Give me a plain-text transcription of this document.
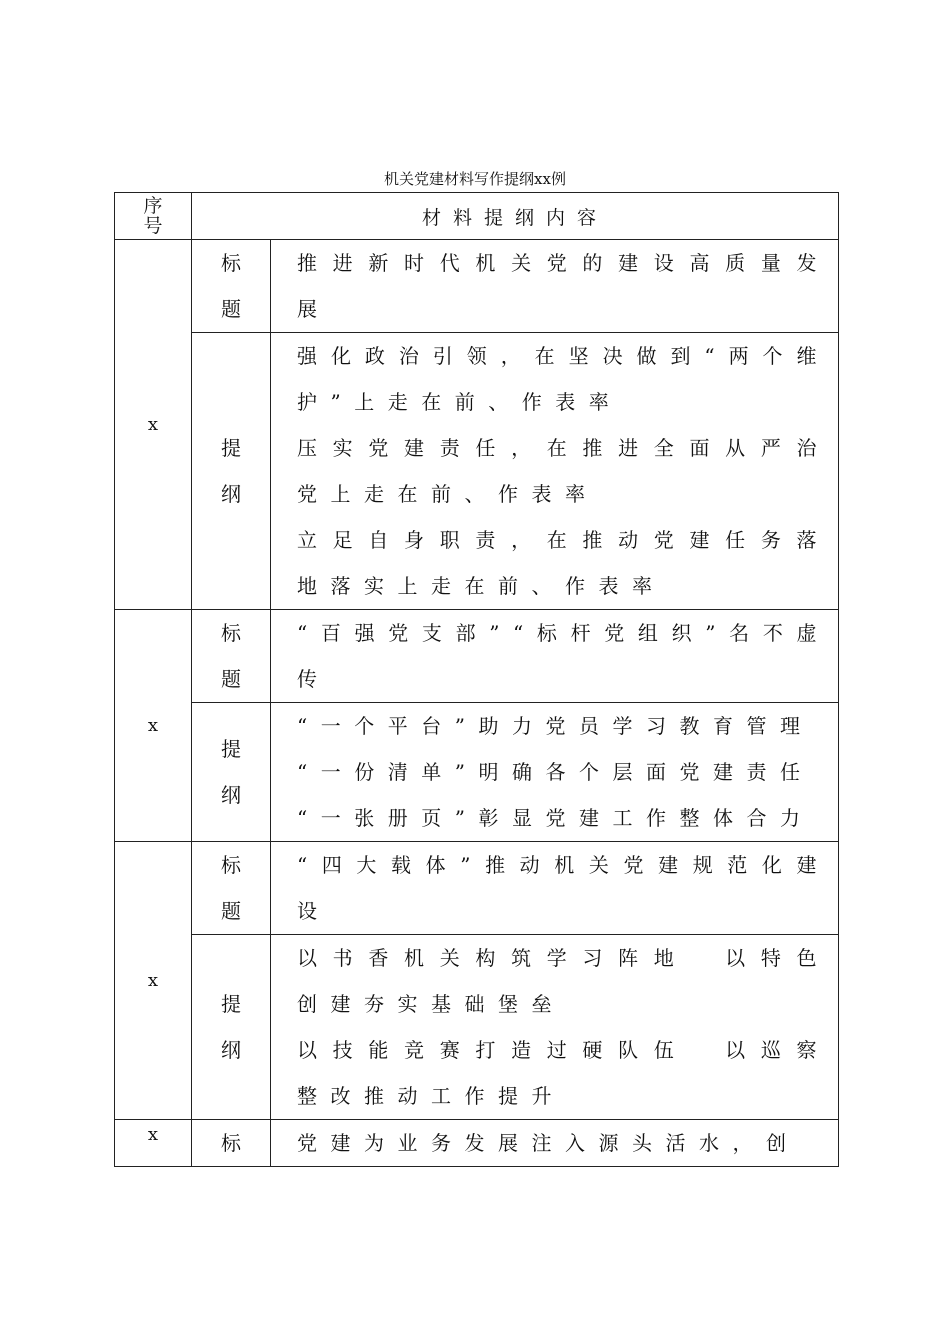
机关党建材料写作提纲xx例
序号	材料提纲内容	
x	标题	推进新时代机关党的建设高质量发展

	提纲	强化政治引领，在坚决做到“两个维护”上走在前、作表率

压实党建责任，在推进全面从严治党上走在前、作表率

立足自身职责，在推动党建任务落地落实上走在前、作表率

x	标题	“百强党支部”“标杆党组织”名不虚传

	提纲	“一个平台”助力党员学习教育管理

“一份清单”明确各个层面党建责任

“一张册页”彰显党建工作整体合力

x	标题	“四大载体”推动机关党建规范化建设

	提纲	以书香机关构筑学习阵地　以特色创建夯实基础堡垒

以技能竞赛打造过硬队伍　以巡察整改推动工作提升

x	标	党建为业务发展注入源头活水，创
